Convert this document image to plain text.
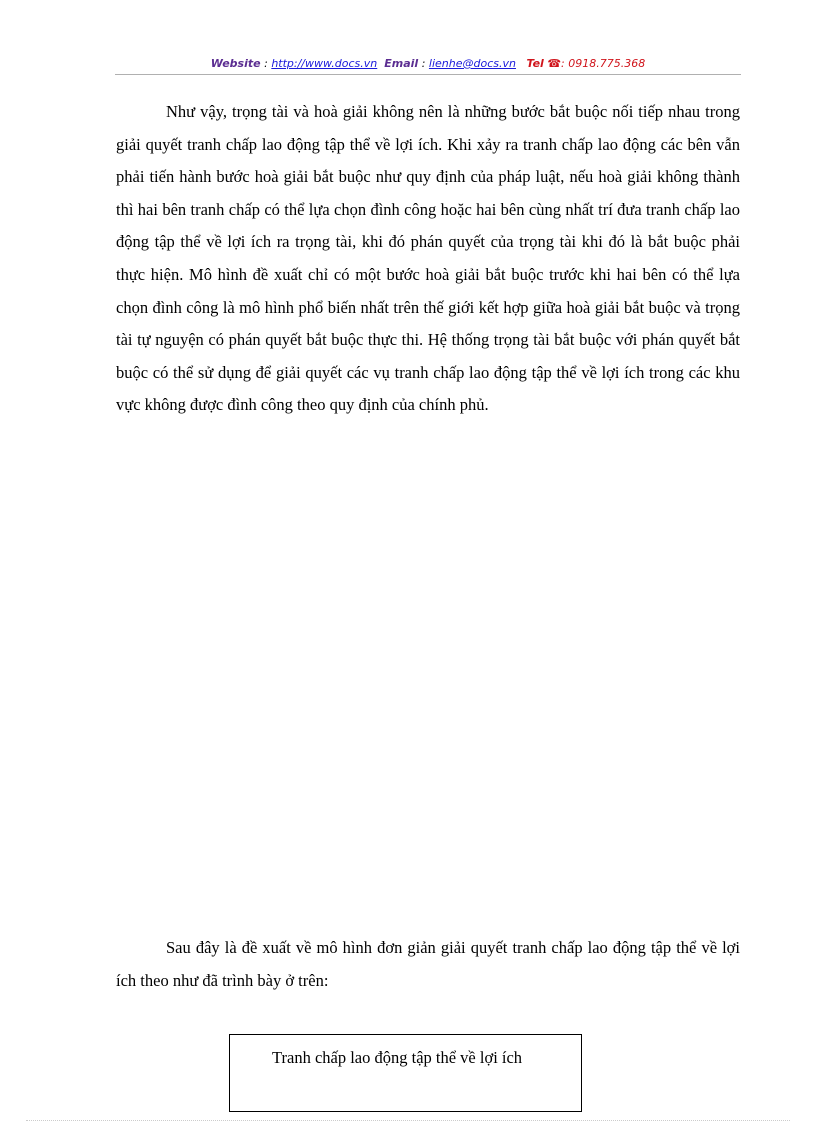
Website : http://www.docs.vn Email : lienhe@docs.vn Tel ☎: 0918.775.368

Như vậy, trọng tài và hoà giải không nên là những bước bắt buộc nối tiếp nhau trong giải quyết tranh chấp lao động tập thể về lợi ích. Khi xảy ra tranh chấp lao động các bên vẫn phải tiến hành bước hoà giải bắt buộc như quy định của pháp luật, nếu hoà giải không thành thì hai bên tranh chấp có thể lựa chọn đình công hoặc hai bên cùng nhất trí đưa tranh chấp lao động tập thể về lợi ích ra trọng tài, khi đó phán quyết của trọng tài khi đó là bắt buộc phải thực hiện. Mô hình đề xuất chỉ có một bước hoà giải bắt buộc trước khi hai bên có thể lựa chọn đình công là mô hình phổ biến nhất trên thế giới kết hợp giữa hoà giải bắt buộc và trọng tài tự nguyện có phán quyết bắt buộc thực thi. Hệ thống trọng tài bắt buộc với phán quyết bắt buộc có thể sử dụng để giải quyết các vụ tranh chấp lao động tập thể về lợi ích trong các khu vực không được đình công theo quy định của chính phủ.

Sau đây là đề xuất về mô hình đơn giản giải quyết tranh chấp lao động tập thể về lợi ích theo như đã trình bày ở trên:

Tranh chấp lao động tập thể về lợi ích
